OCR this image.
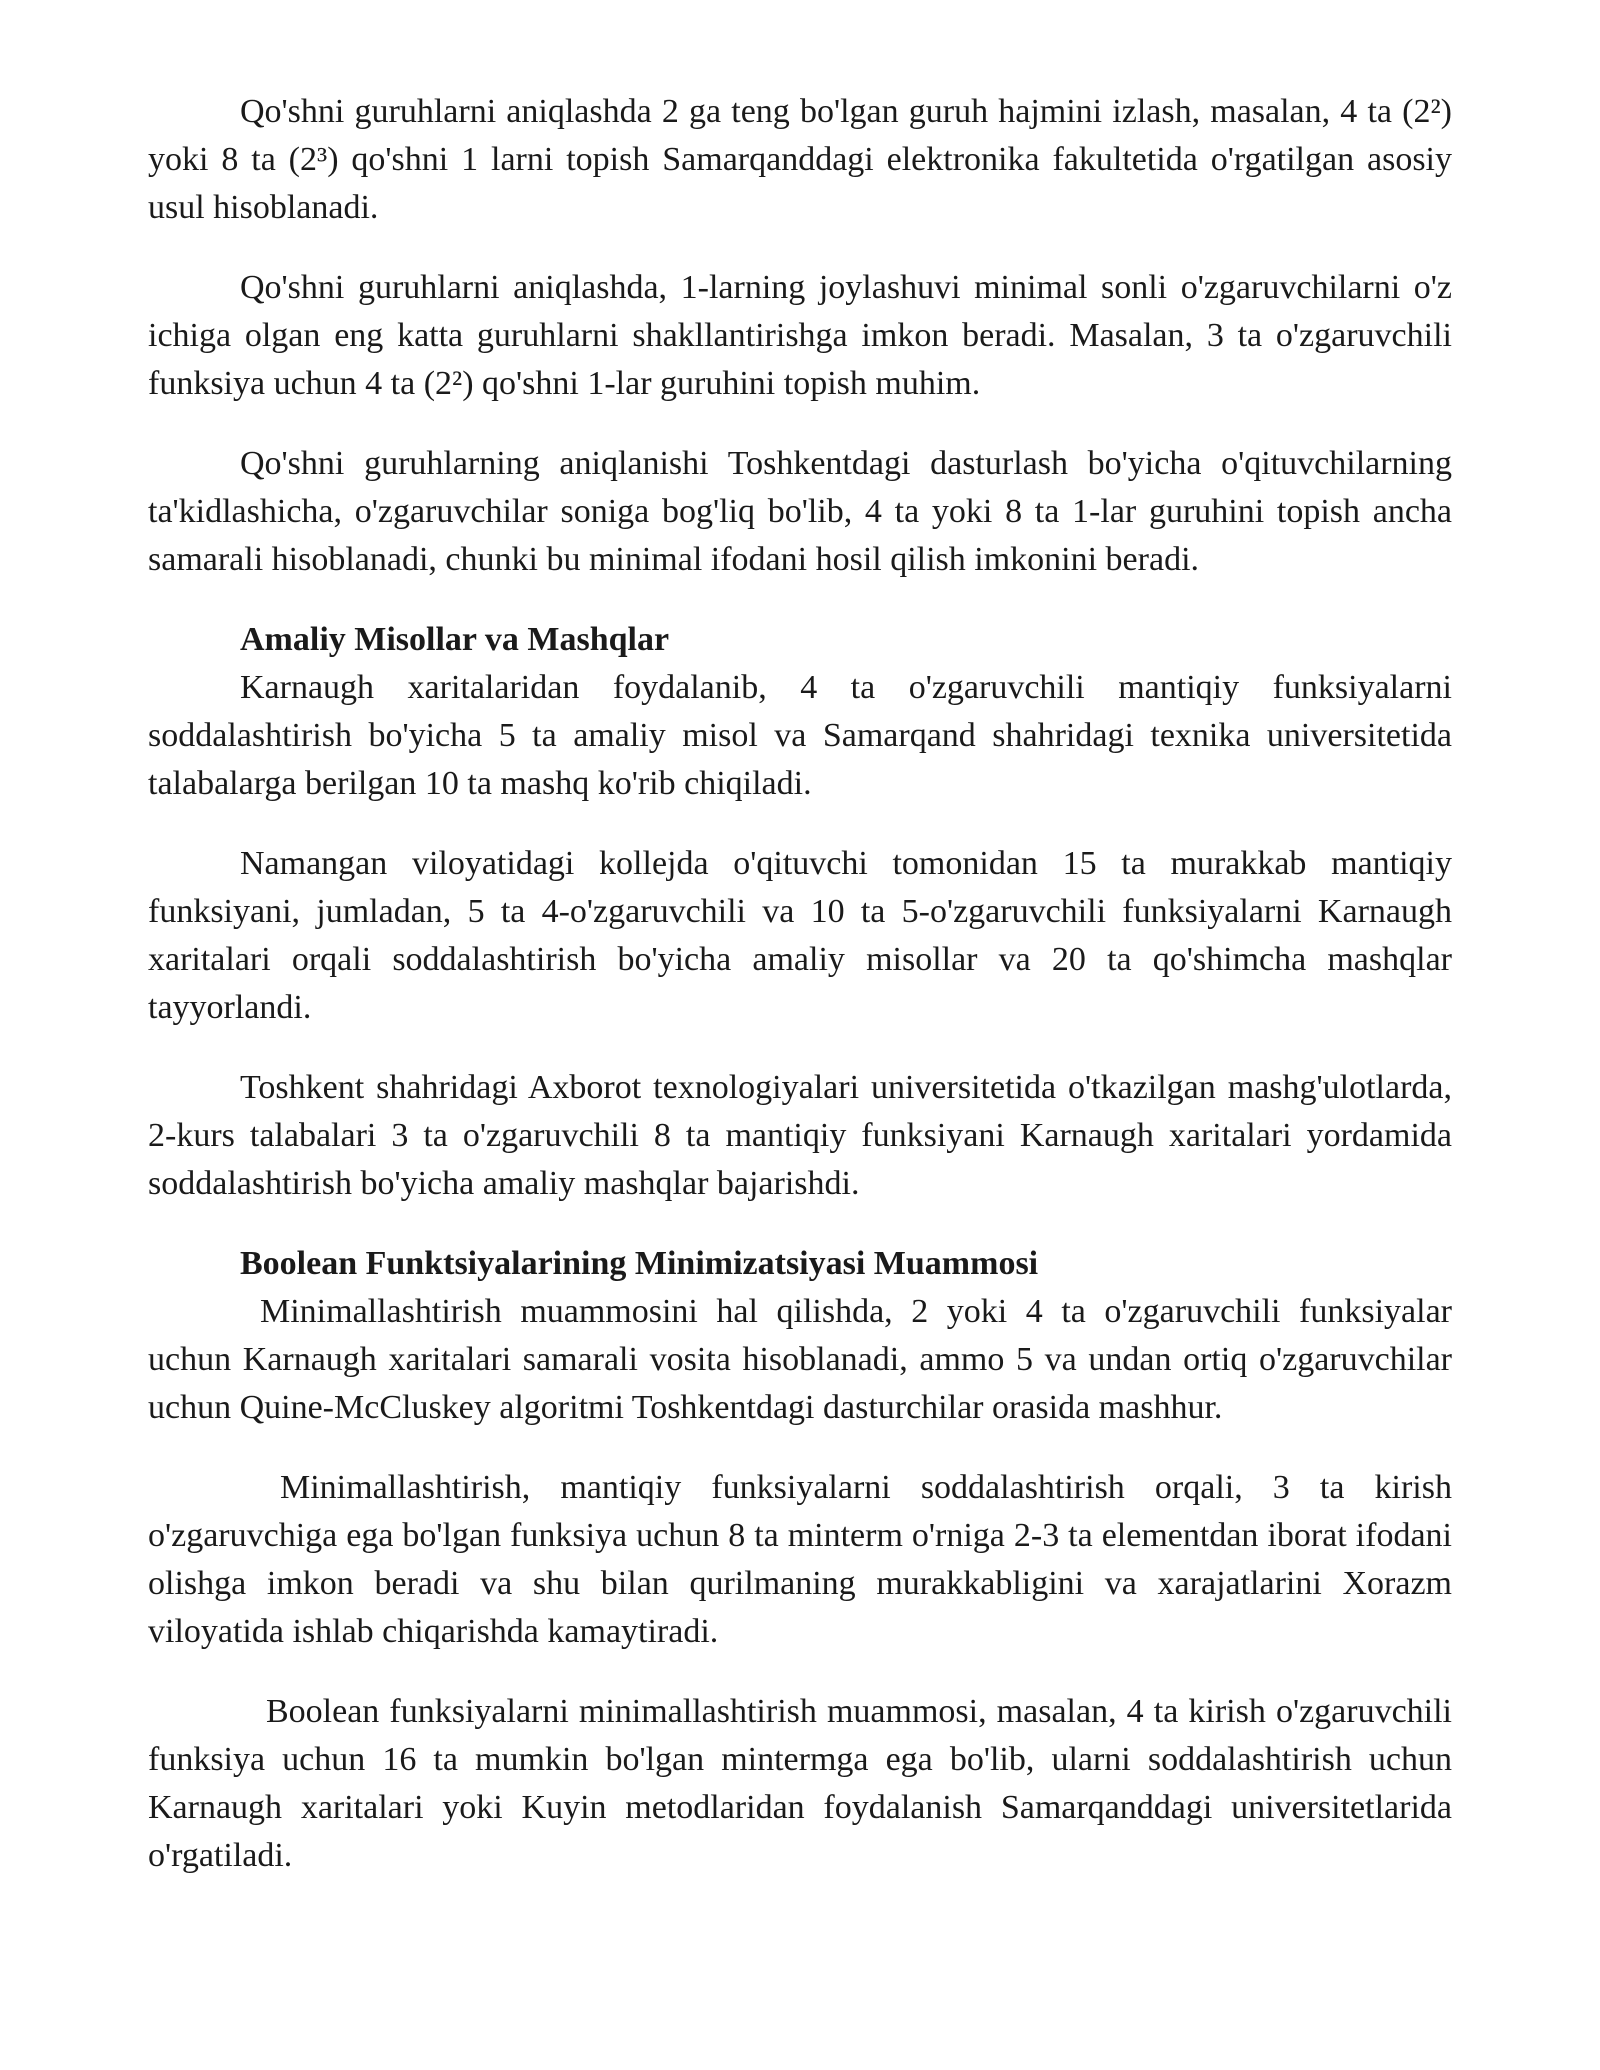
Qo'shni guruhlarni aniqlashda 2 ga teng bo'lgan guruh hajmini izlash, masalan, 4 ta (2²) yoki 8 ta (2³) qo'shni 1 larni topish Samarqanddagi elektronika fakultetida o'rgatilgan asosiy usul hisoblanadi.

Qo'shni guruhlarni aniqlashda, 1-larning joylashuvi minimal sonli o'zgaruvchilarni o'z ichiga olgan eng katta guruhlarni shakllantirishga imkon beradi. Masalan, 3 ta o'zgaruvchili funksiya uchun 4 ta (2²) qo'shni 1-lar guruhini topish muhim.

Qo'shni guruhlarning aniqlanishi Toshkentdagi dasturlash bo'yicha o'qituvchilarning ta'kidlashicha, o'zgaruvchilar soniga bog'liq bo'lib, 4 ta yoki 8 ta 1-lar guruhini topish ancha samarali hisoblanadi, chunki bu minimal ifodani hosil qilish imkonini beradi.

Amaliy Misollar va Mashqlar

Karnaugh xaritalaridan foydalanib, 4 ta o'zgaruvchili mantiqiy funksiyalarni soddalashtirish bo'yicha 5 ta amaliy misol va Samarqand shahridagi texnika universitetida talabalarga berilgan 10 ta mashq ko'rib chiqiladi.

Namangan viloyatidagi kollejda o'qituvchi tomonidan 15 ta murakkab mantiqiy funksiyani, jumladan, 5 ta 4-o'zgaruvchili va 10 ta 5-o'zgaruvchili funksiyalarni Karnaugh xaritalari orqali soddalashtirish bo'yicha amaliy misollar va 20 ta qo'shimcha mashqlar tayyorlandi.

Toshkent shahridagi Axborot texnologiyalari universitetida o'tkazilgan mashg'ulotlarda, 2-kurs talabalari 3 ta o'zgaruvchili 8 ta mantiqiy funksiyani Karnaugh xaritalari yordamida soddalashtirish bo'yicha amaliy mashqlar bajarishdi.

Boolean Funktsiyalarining Minimizatsiyasi Muammosi

Minimallashtirish muammosini hal qilishda, 2 yoki 4 ta o'zgaruvchili funksiyalar uchun Karnaugh xaritalari samarali vosita hisoblanadi, ammo 5 va undan ortiq o'zgaruvchilar uchun Quine-McCluskey algoritmi Toshkentdagi dasturchilar orasida mashhur.

Minimallashtirish, mantiqiy funksiyalarni soddalashtirish orqali, 3 ta kirish o'zgaruvchiga ega bo'lgan funksiya uchun 8 ta minterm o'rniga 2-3 ta elementdan iborat ifodani olishga imkon beradi va shu bilan qurilmaning murakkabligini va xarajatlarini Xorazm viloyatida ishlab chiqarishda kamaytiradi.

Boolean funksiyalarni minimallashtirish muammosi, masalan, 4 ta kirish o'zgaruvchili funksiya uchun 16 ta mumkin bo'lgan mintermga ega bo'lib, ularni soddalashtirish uchun Karnaugh xaritalari yoki Kuyin metodlaridan foydalanish Samarqanddagi universitetlarida o'rgatiladi.
